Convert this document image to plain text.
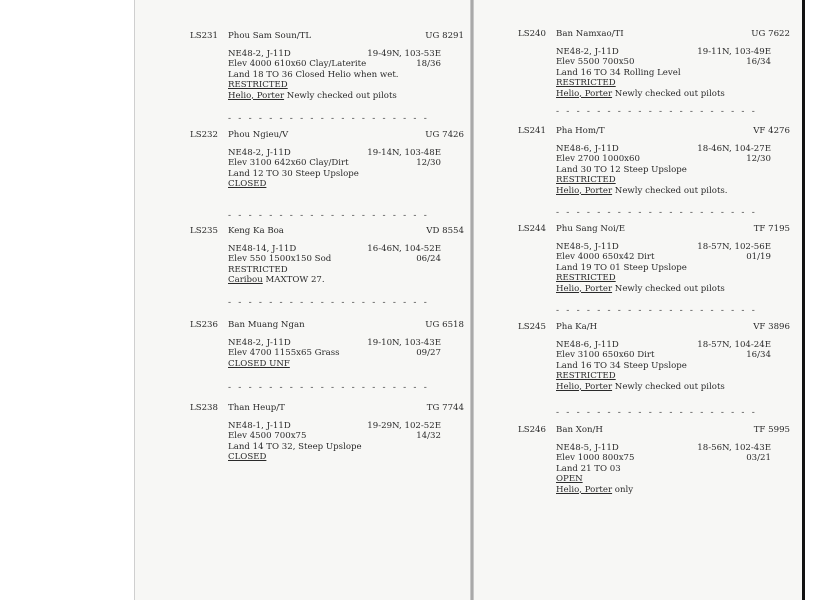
LS231 Phou Sam Soun/TL	UG 8291
NE48-2, J-11D	19-49N, 103-53E
Elev 4000 610x60 Clay/Laterite	18/36
Land 18 TO 36 Closed Helio when wet.
RESTRICTED
Helio, Porter Newly checked out pilots
LS232 Phou Ngieu/V	UG 7426
NE48-2, J-11D	19-14N, 103-48E
Elev 3100 642x60 Clay/Dirt	12/30
Land 12 TO 30 Steep Upslope
CLOSED
LS235 Keng Ka Boa	VD 8554
NE48-14, J-11D	16-46N, 104-52E
Elev 550 1500x150 Sod	06/24
RESTRICTED
Caribou MAXTOW 27.
LS236 Ban Muang Ngan	UG 6518
NE48-2, J-11D	19-10N, 103-43E
Elev 4700 1155x65 Grass	09/27
CLOSED UNF
LS238 Than Heup/T	TG 7744
NE48-1, J-11D	19-29N, 102-52E
Elev 4500 700x75	14/32
Land 14 TO 32, Steep Upslope
CLOSED
- - - - - - - - - - - - - - - - - - - -
- - - - - - - - - - - - - - - - - - - -
- - - - - - - - - - - - - - - - - - - -
- - - - - - - - - - - - - - - - - - - -
LS240 Ban Namxao/TI	UG 7622
NE48-2, J-11D	19-11N, 103-49E
Elev 5500 700x50	16/34
Land 16 TO 34 Rolling Level
RESTRICTED
Helio, Porter Newly checked out pilots
LS241 Pha Hom/T	VF 4276
NE48-6, J-11D	18-46N, 104-27E
Elev 2700 1000x60	12/30
Land 30 TO 12 Steep Upslope
RESTRICTED
Helio, Porter Newly checked out pilots.
LS244 Phu Sang Noi/E	TF 7195
NE48-5, J-11D	18-57N, 102-56E
Elev 4000 650x42 Dirt	01/19
Land 19 TO 01 Steep Upslope
RESTRICTED
Helio, Porter Newly checked out pilots
LS245 Pha Ka/H	VF 3896
NE48-6, J-11D	18-57N, 104-24E
Elev 3100 650x60 Dirt	16/34
Land 16 TO 34 Steep Upslope
RESTRICTED
Helio, Porter Newly checked out pilots
LS246 Ban Xon/H	TF 5995
NE48-5, J-11D	18-56N, 102-43E
Elev 1000 800x75	03/21
Land 21 TO 03
OPEN
Helio, Porter only
- - - - - - - - - - - - - - - - - - - -
- - - - - - - - - - - - - - - - - - - -
- - - - - - - - - - - - - - - - - - - -
- - - - - - - - - - - - - - - - - - - -
